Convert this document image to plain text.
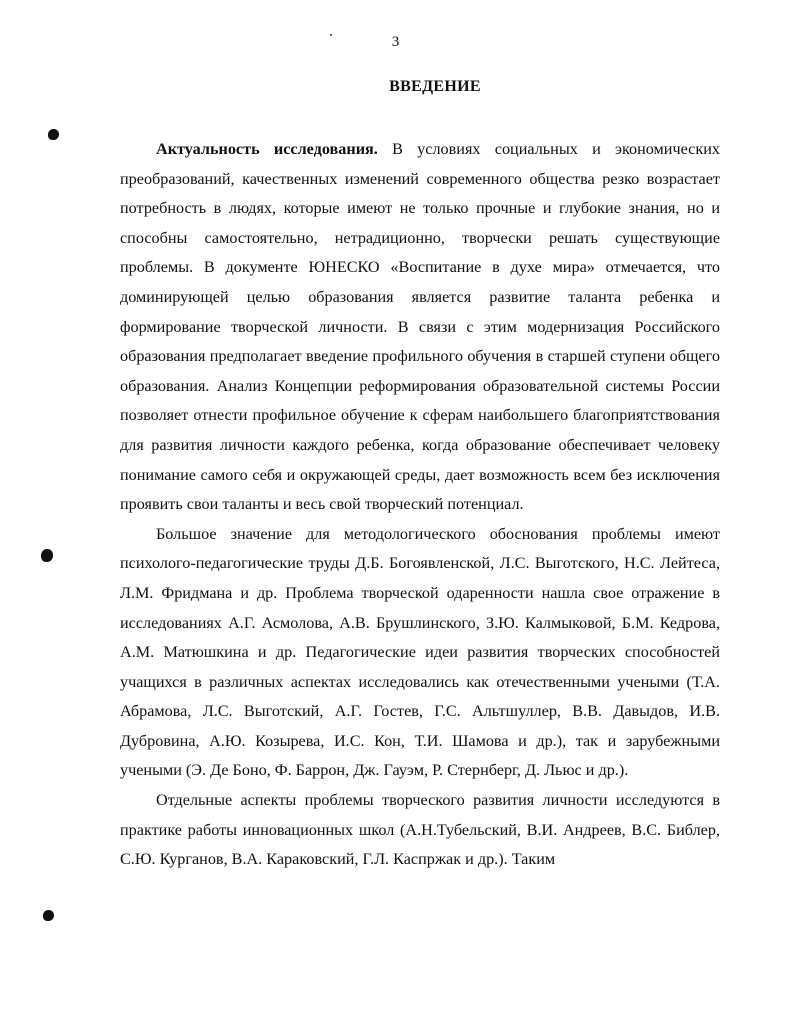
3
ВВЕДЕНИЕ

Актуальность исследования. В условиях социальных и экономических преобразований, качественных изменений современного общества резко возрастает потребность в людях, которые имеют не только прочные и глубокие знания, но и способны самостоятельно, нетрадиционно, творчески решать существующие проблемы. В документе ЮНЕСКО «Воспитание в духе мира» отмечается, что доминирующей целью образования является развитие таланта ребенка и формирование творческой личности. В связи с этим модернизация Российского образования предполагает введение профильного обучения в старшей ступени общего образования. Анализ Концепции реформирования образовательной системы России позволяет отнести профильное обучение к сферам наибольшего благоприятствования для развития личности каждого ребенка, когда образование обеспечивает человеку понимание самого себя и окружающей среды, дает возможность всем без исключения проявить свои таланты и весь свой творческий потенциал.

Большое значение для методологического обоснования проблемы имеют психолого-педагогические труды Д.Б. Богоявленской, Л.С. Выготского, Н.С. Лейтеса, Л.М. Фридмана и др. Проблема творческой одаренности нашла свое отражение в исследованиях А.Г. Асмолова, А.В. Брушлинского, З.Ю. Калмыковой, Б.М. Кедрова, А.М. Матюшкина и др. Педагогические идеи развития творческих способностей учащихся в различных аспектах исследовались как отечественными учеными (Т.А. Абрамова, Л.С. Выготский, А.Г. Гостев, Г.С. Альтшуллер, В.В. Давыдов, И.В. Дубровина, А.Ю. Козырева, И.С. Кон, Т.И. Шамова и др.), так и зарубежными учеными (Э. Де Боно, Ф. Баррон, Дж. Гауэм, Р. Стернберг, Д. Льюс и др.).

Отдельные аспекты проблемы творческого развития личности исследуются в практике работы инновационных школ (А.Н.Тубельский, В.И. Андреев, В.С. Библер, С.Ю. Курганов, В.А. Караковский, Г.Л. Каспржак и др.). Таким
